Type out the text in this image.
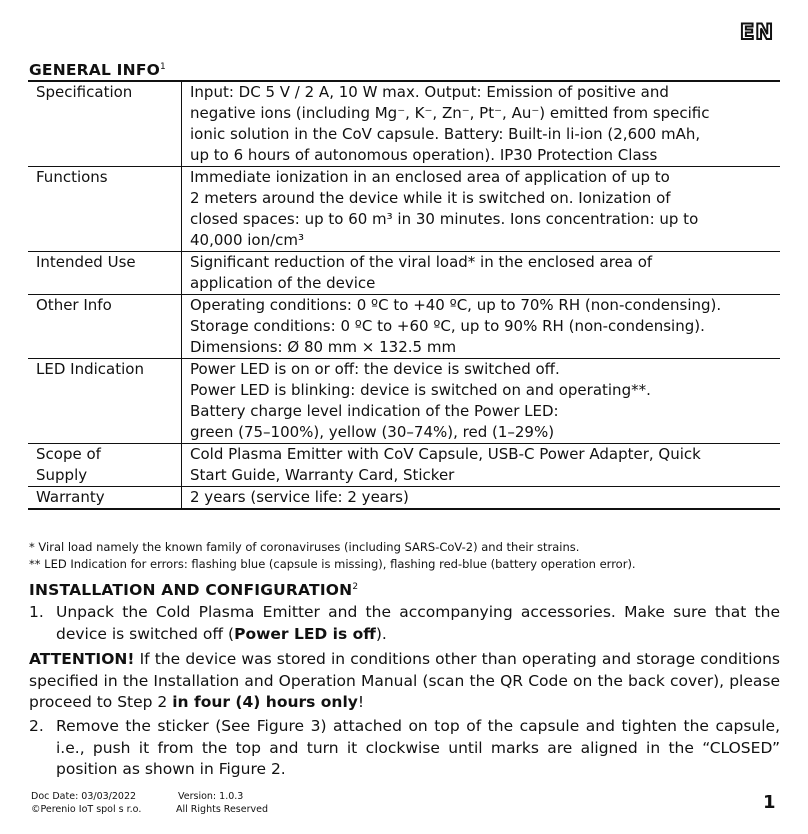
EN
GENERAL INFO$^1$
Specification	Input: DC 5 V / 2 A, 10 W max. Output: Emission of positive and
negative ions (including Mg⁻, K⁻, Zn⁻, Pt⁻, Au⁻) emitted from specific
ionic solution in the CoV capsule. Battery: Built-in li-ion (2,600 mAh,
up to 6 hours of autonomous operation). IP30 Protection Class

Functions	Immediate ionization in an enclosed area of application of up to
2 meters around the device while it is switched on. Ionization of
closed spaces: up to 60 m³ in 30 minutes. Ions concentration: up to
40,000 ion/cm³

Intended Use	Significant reduction of the viral load* in the enclosed area of
application of the device

Other Info	Operating conditions: 0 ºC to +40 ºC, up to 70% RH (non-condensing).
Storage conditions: 0 ºC to +60 ºC, up to 90% RH (non-condensing).
Dimensions: Ø 80 mm × 132.5 mm

LED Indication	Power LED is on or off: the device is switched off.
Power LED is blinking: device is switched on and operating**.
Battery charge level indication of the Power LED:
green (75–100%), yellow (30–74%), red (1–29%)

Scope of
Supply	Cold Plasma Emitter with CoV Capsule, USB-C Power Adapter, Quick
Start Guide, Warranty Card, Sticker

Warranty	2 years (service life: 2 years)
* Viral load namely the known family of coronaviruses (including SARS-CoV-2) and their strains.
** LED Indication for errors: flashing blue (capsule is missing), flashing red-blue (battery operation error).
INSTALLATION AND CONFIGURATION$^2$
1. Unpack the Cold Plasma Emitter and the accompanying accessories. Make sure that the device is switched off (Power LED is off).
ATTENTION! If the device was stored in conditions other than operating and storage conditions specified in the Installation and Operation Manual (scan the QR Code on the back cover), please proceed to Step 2 in four (4) hours only!
2. Remove the sticker (See Figure 3) attached on top of the capsule and tighten the capsule, i.e., push it from the top and turn it clockwise until marks are aligned in the “CLOSED” position as shown in Figure 2.
Doc Date: 03/03/2022	Version: 1.0.3
©Perenio IoT spol s r.o.	All Rights Reserved	1
